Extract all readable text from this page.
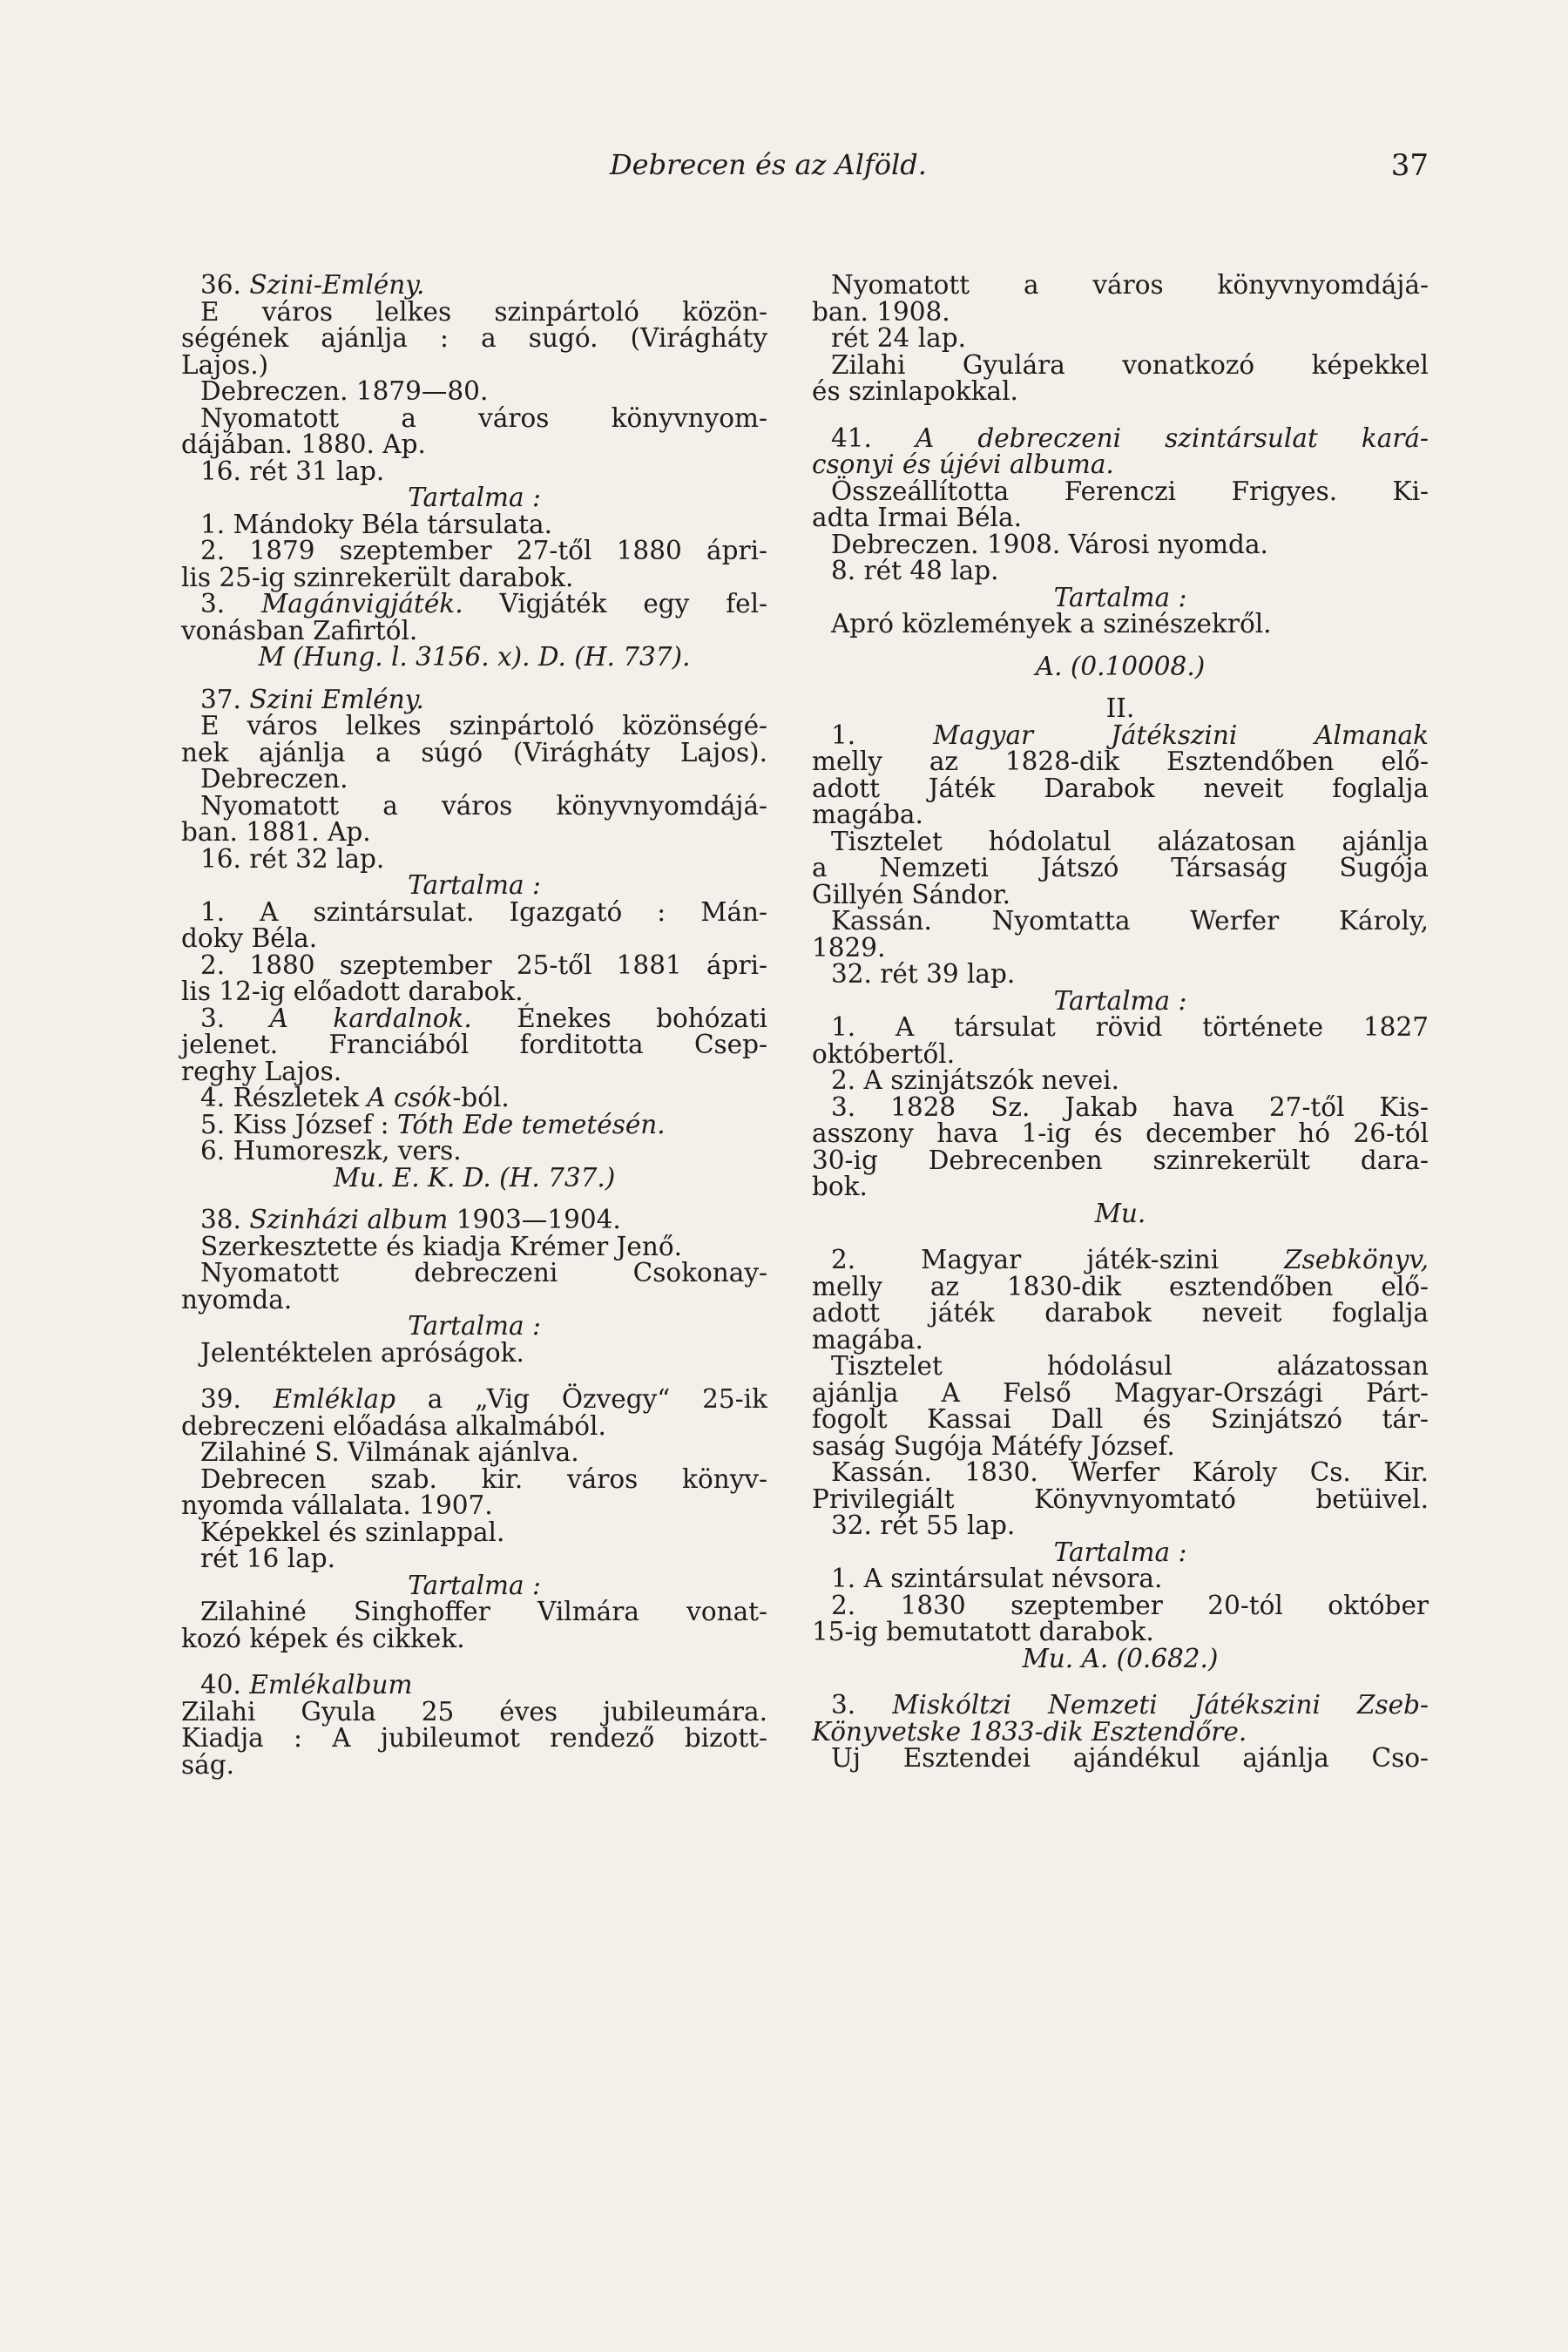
Debrecen és az Alföld.	37
36. Szini-Emlény.
E város lelkes szinpártoló közön-
ségének ajánlja : a sugó. (Virágháty
Lajos.)
Debreczen. 1879—80.
Nyomatott a város könyvnyom-
dájában. 1880. Ap.
16. rét 31 lap.
Tartalma :
1. Mándoky Béla társulata.
2. 1879 szeptember 27-től 1880 ápri-
lis 25-ig szinrekerült darabok.
3. Magánvigjáték. Vigjáték egy fel-
vonásban Zafirtól.
M (Hung. l. 3156. x). D. (H. 737).
37. Szini Emlény.
E város lelkes szinpártoló közönségé-
nek ajánlja a súgó (Virágháty Lajos).
Debreczen.
Nyomatott a város könyvnyomdájá-
ban. 1881. Ap.
16. rét 32 lap.
Tartalma :
1. A szintársulat. Igazgató : Mán-
doky Béla.
2. 1880 szeptember 25-től 1881 ápri-
lis 12-ig előadott darabok.
3. A kardalnok. Énekes bohózati
jelenet. Franciából forditotta Csep-
reghy Lajos.
4. Részletek A csók-ból.
5. Kiss József : Tóth Ede temetésén.
6. Humoreszk, vers.
Mu. E. K. D. (H. 737.)
38. Szinházi album 1903—1904.
Szerkesztette és kiadja Krémer Jenő.
Nyomatott debreczeni Csokonay-
nyomda.
Tartalma :
Jelentéktelen apróságok.
39. Emléklap a „Vig Özvegy“ 25-ik
debreczeni előadása alkalmából.
Zilahiné S. Vilmának ajánlva.
Debrecen szab. kir. város könyv-
nyomda vállalata. 1907.
Képekkel és szinlappal.
rét 16 lap.
Tartalma :
Zilahiné Singhoffer Vilmára vonat-
kozó képek és cikkek.
40. Emlékalbum
Zilahi Gyula 25 éves jubileumára.
Kiadja : A jubileumot rendező bizott-
ság.
Nyomatott a város könyvnyomdájá-
ban. 1908.
rét 24 lap.
Zilahi Gyulára vonatkozó képekkel
és szinlapokkal.
41. A debreczeni szintársulat kará-
csonyi és újévi albuma.
Összeállította Ferenczi Frigyes. Ki-
adta Irmai Béla.
Debreczen. 1908. Városi nyomda.
8. rét 48 lap.
Tartalma :
Apró közlemények a szinészekről.
A. (0.10008.)
II.
1.	Magyar Játékszini Almanak
melly az 1828-dik Esztendőben elő-
adott Játék Darabok neveit foglalja
magába.
Tisztelet hódolatul alázatosan ajánlja
a Nemzeti Játszó Társaság Sugója
Gillyén Sándor.
Kassán. Nyomtatta Werfer Károly,
1829.
32. rét 39 lap.
Tartalma :
1. A társulat rövid története 1827
októbertől.
2. A szinjátszók nevei.
3. 1828 Sz. Jakab hava 27-től Kis-
asszony hava 1-ig és december hó 26-tól
30-ig Debrecenben szinrekerült dara-
bok.
Mu.
2. Magyar játék-szini	Zsebkönyv,
melly az 1830-dik esztendőben elő-
adott játék darabok neveit foglalja
magába.
Tisztelet hódolásul alázatossan
ajánlja A Felső Magyar-Országi Párt-
fogolt Kassai Dall és Szinjátszó tár-
saság Sugója Mátéfy József.
Kassán. 1830. Werfer Károly Cs. Kir.
Privilegiált Könyvnyomtató betüivel.
32. rét 55 lap.
Tartalma :
1. A szintársulat névsora.
2. 1830 szeptember 20-tól október
15-ig bemutatott darabok.
Mu. A. (0.682.)
3. Miskóltzi Nemzeti Játékszini Zseb-
Könyvetske 1833-dik Esztendőre.
Uj Esztendei ajándékul ajánlja Cso-
